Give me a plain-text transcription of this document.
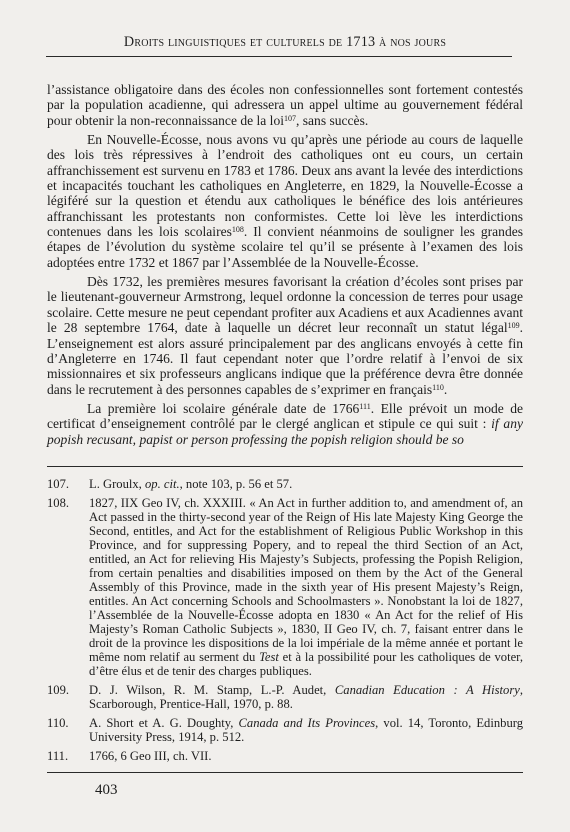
Droits linguistiques et culturels de 1713 à nos jours

l’assistance obligatoire dans des écoles non confessionnelles sont fortement contestés par la population acadienne, qui adressera un appel ultime au gouvernement fédéral pour obtenir la non-reconnaissance de la loi$^{107}$, sans succès.

En Nouvelle-Écosse, nous avons vu qu’après une période au cours de laquelle des lois très répressives à l’endroit des catholiques ont eu cours, un certain affranchissement est survenu en 1783 et 1786. Deux ans avant la levée des interdictions et incapacités touchant les catholiques en Angleterre, en 1829, la Nouvelle-Écosse a légiféré sur la question et étendu aux catholiques le bénéfice des lois antérieures affranchissant les protestants non conformistes. Cette loi lève les interdictions contenues dans les lois scolaires$^{108}$. Il convient néanmoins de souligner les grandes étapes de l’évolution du système scolaire tel qu’il se présente à l’examen des lois adoptées entre 1732 et 1867 par l’Assemblée de la Nouvelle-Écosse.

Dès 1732, les premières mesures favorisant la création d’écoles sont prises par le lieutenant-gouverneur Armstrong, lequel ordonne la concession de terres pour usage scolaire. Cette mesure ne peut cependant profiter aux Acadiens et aux Acadiennes avant le 28 septembre 1764, date à laquelle un décret leur reconnaît un statut légal$^{109}$. L’enseignement est alors assuré principalement par des anglicans envoyés à cette fin d’Angleterre en 1746. Il faut cependant noter que l’ordre relatif à l’envoi de six missionnaires et six professeurs anglicans indique que la préférence devra être donnée dans le recrutement à des personnes capables de s’exprimer en français$^{110}$.

La première loi scolaire générale date de 1766$^{111}$. Elle prévoit un mode de certificat d’enseignement contrôlé par le clergé anglican et stipule ce qui suit : if any popish recusant, papist or person professing the popish religion should be so

107.	L. Groulx, op. cit., note 103, p. 56 et 57.
108.	1827, IIX Geo IV, ch. XXXIII. « An Act in further addition to, and amendment of, an Act passed in the thirty-second year of the Reign of His late Majesty King George the Second, entitles, and Act for the establishment of Religious Public Workshop in this Province, and for suppressing Popery, and to repeal the third Section of an Act, entitled, an Act for relieving His Majesty’s Subjects, professing the Popish Religion, from certain penalties and disabilities imposed on them by the Act of the General Assembly of this Province, made in the sixth year of His present Majesty’s Reign, entitles. An Act concerning Schools and Schoolmasters ». Nonobstant la loi de 1827, l’Assemblée de la Nouvelle-Écosse adopta en 1830 « An Act for the relief of His Majesty’s Roman Catholic Subjects », 1830, II Geo IV, ch. 7, faisant entrer dans le droit de la province les dispositions de la loi impériale de la même année et portant le même nom relatif au serment du Test et à la possibilité pour les catholiques de voter, d’être élus et de tenir des charges publiques.
109.	D. J. Wilson, R. M. Stamp, L.-P. Audet, Canadian Education : A History, Scarborough, Prentice-Hall, 1970, p. 88.
110.	A. Short et A. G. Doughty, Canada and Its Provinces, vol. 14, Toronto, Edinburg University Press, 1914, p. 512.
111.	1766, 6 Geo III, ch. VII.
403
